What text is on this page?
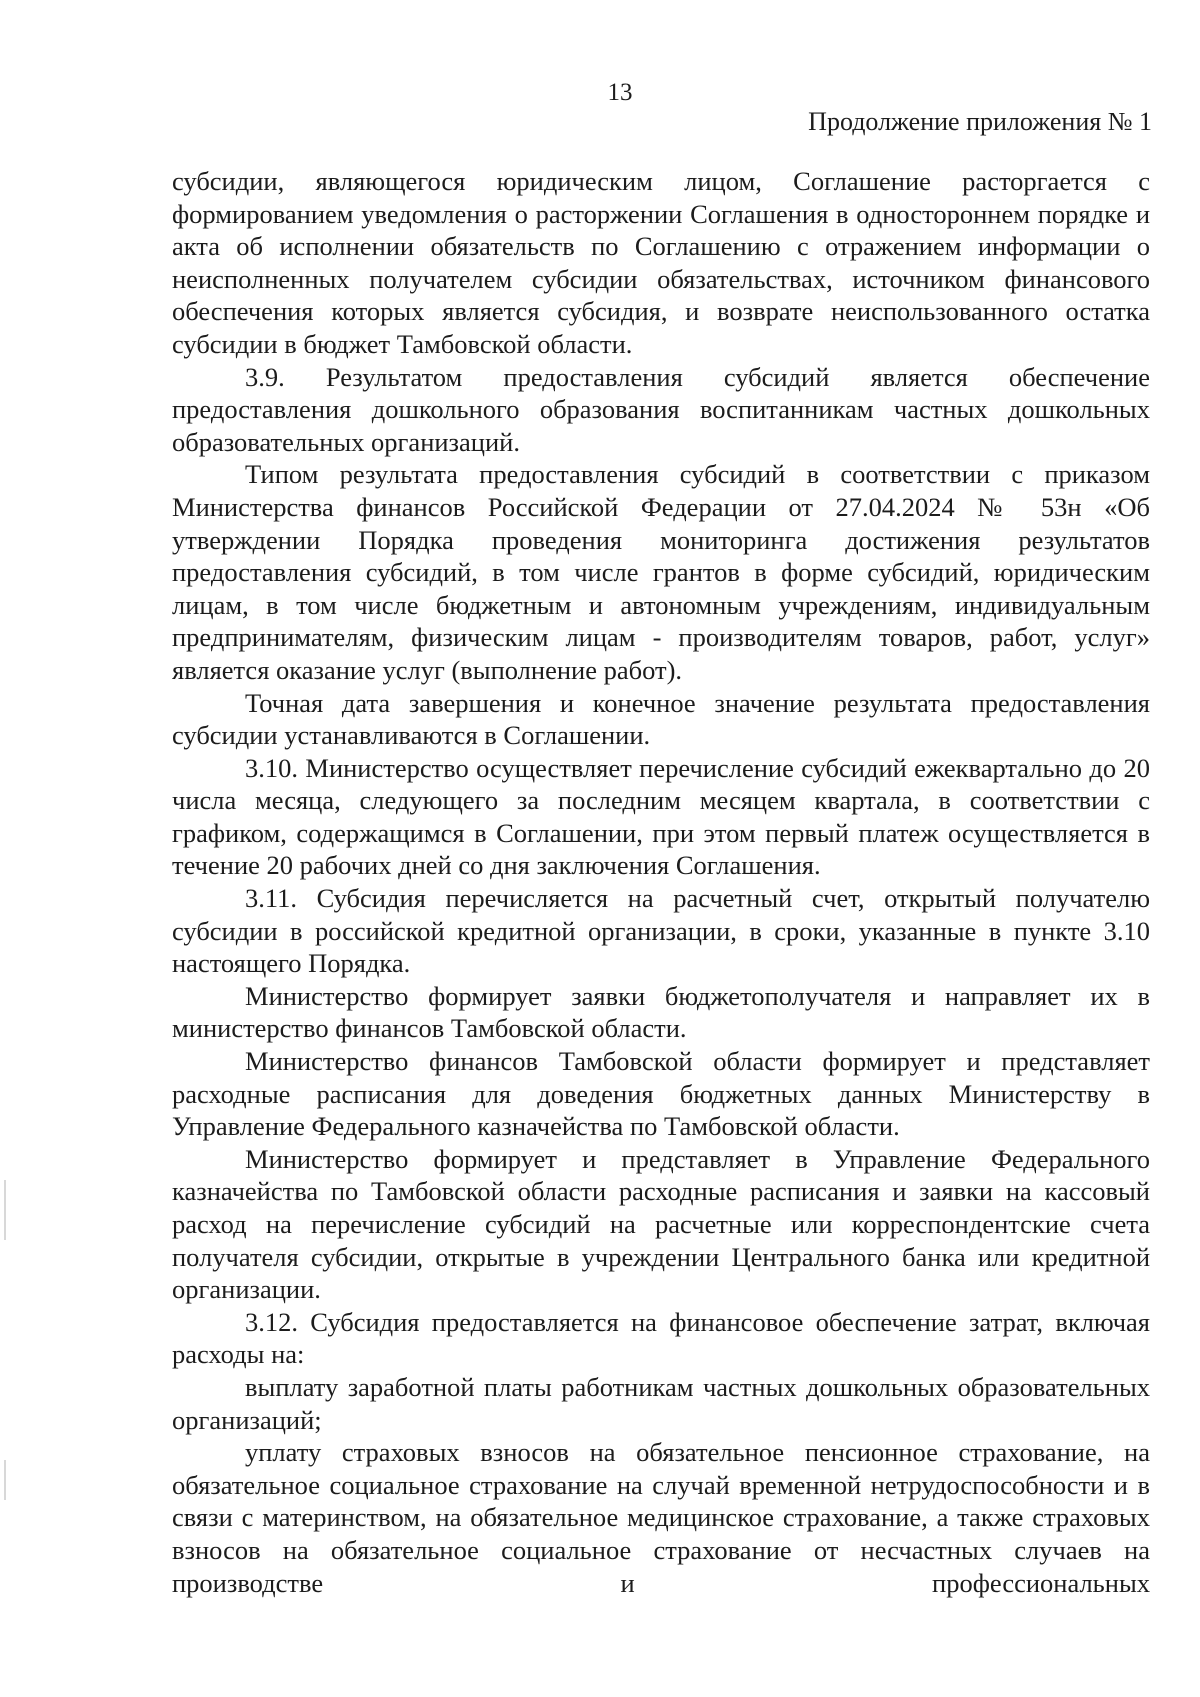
13
Продолжение приложения № 1

субсидии, являющегося юридическим лицом, Соглашение расторгается с формированием уведомления о расторжении Соглашения в одностороннем порядке и акта об исполнении обязательств по Соглашению с отражением информации о неисполненных получателем субсидии обязательствах, источником финансового обеспечения которых является субсидия, и возврате неиспользованного остатка субсидии в бюджет Тамбовской области.

3.9. Результатом предоставления субсидий является обеспечение предоставления дошкольного образования воспитанникам частных дошкольных образовательных организаций.

Типом результата предоставления субсидий в соответствии с приказом Министерства финансов Российской Федерации от 27.04.2024 № 53н «Об утверждении Порядка проведения мониторинга достижения результатов предоставления субсидий, в том числе грантов в форме субсидий, юридическим лицам, в том числе бюджетным и автономным учреждениям, индивидуальным предпринимателям, физическим лицам - производителям товаров, работ, услуг» является оказание услуг (выполнение работ).

Точная дата завершения и конечное значение результата предоставления субсидии устанавливаются в Соглашении.

3.10. Министерство осуществляет перечисление субсидий ежеквартально до 20 числа месяца, следующего за последним месяцем квартала, в соответствии с графиком, содержащимся в Соглашении, при этом первый платеж осуществляется в течение 20 рабочих дней со дня заключения Соглашения.

3.11. Субсидия перечисляется на расчетный счет, открытый получателю субсидии в российской кредитной организации, в сроки, указанные в пункте 3.10 настоящего Порядка.

Министерство формирует заявки бюджетополучателя и направляет их в министерство финансов Тамбовской области.

Министерство финансов Тамбовской области формирует и представляет расходные расписания для доведения бюджетных данных Министерству в Управление Федерального казначейства по Тамбовской области.

Министерство формирует и представляет в Управление Федерального казначейства по Тамбовской области расходные расписания и заявки на кассовый расход на перечисление субсидий на расчетные или корреспондентские счета получателя субсидии, открытые в учреждении Центрального банка или кредитной организации.

3.12. Субсидия предоставляется на финансовое обеспечение затрат, включая расходы на:

выплату заработной платы работникам частных дошкольных образовательных организаций;

уплату страховых взносов на обязательное пенсионное страхование, на обязательное социальное страхование на случай временной нетрудоспособности и в связи с материнством, на обязательное медицинское страхование, а также страховых взносов на обязательное социальное страхование от несчастных случаев на производстве и профессиональных
